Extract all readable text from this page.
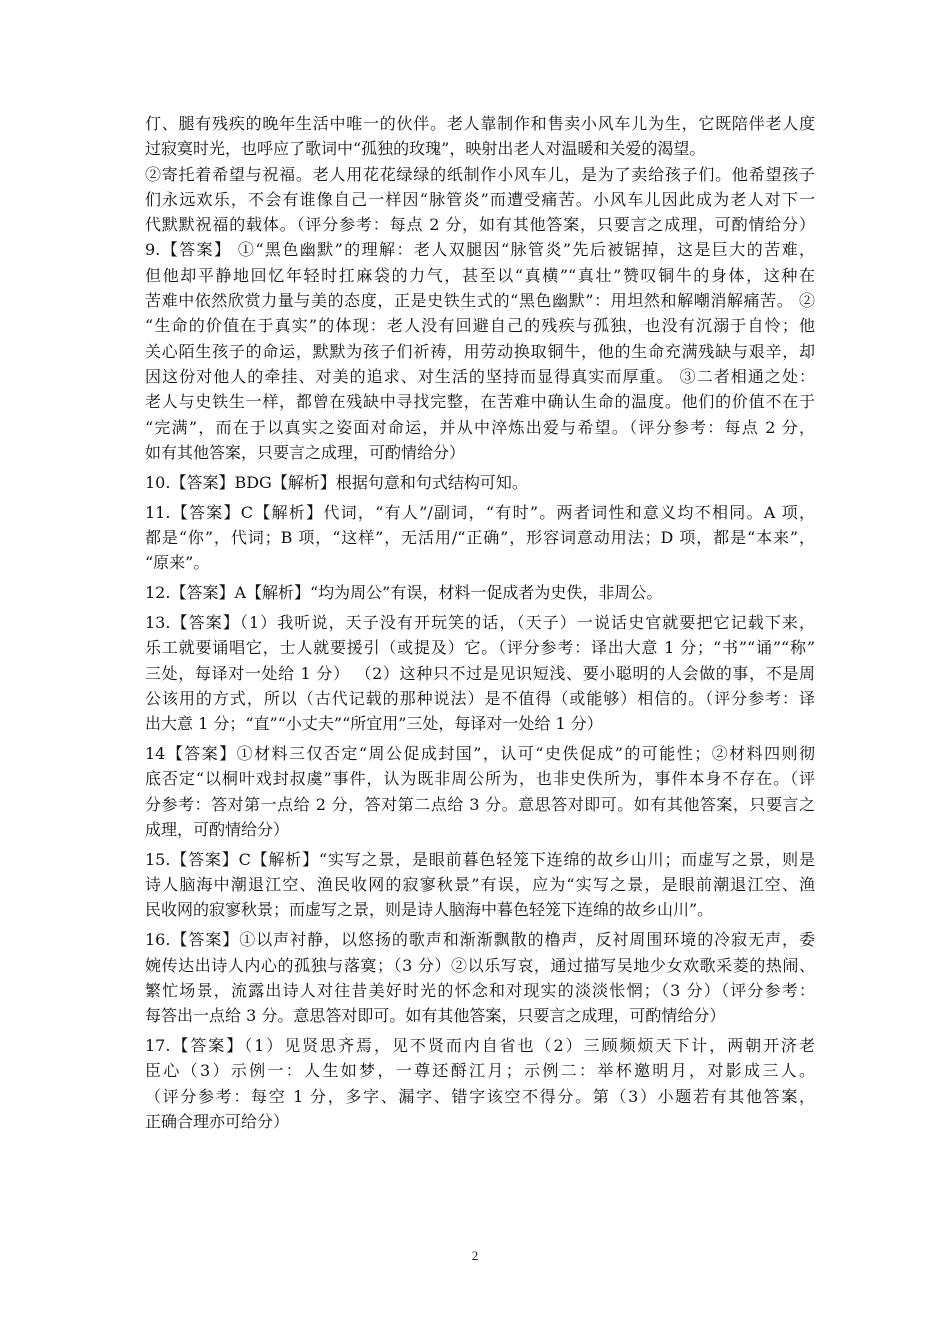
仃、腿有残疾的晚年生活中唯一的伙伴。老人靠制作和售卖小风车儿为生，它既陪伴老人度
过寂寞时光，也呼应了歌词中“孤独的玫瑰”，映射出老人对温暖和关爱的渴望。
②寄托着希望与祝福。老人用花花绿绿的纸制作小风车儿，是为了卖给孩子们。他希望孩子
们永远欢乐，不会有谁像自己一样因“脉管炎”而遭受痛苦。小风车儿因此成为老人对下一
代默默祝福的载体。（评分参考：每点 2 分，如有其他答案，只要言之成理，可酌情给分）
9.【答案】 ①“黑色幽默”的理解：老人双腿因“脉管炎”先后被锯掉，这是巨大的苦难，
但他却平静地回忆年轻时扛麻袋的力气，甚至以“真横”“真壮”赞叹铜牛的身体，这种在
苦难中依然欣赏力量与美的态度，正是史铁生式的“黑色幽默”：用坦然和解嘲消解痛苦。 ②
“生命的价值在于真实”的体现：老人没有回避自己的残疾与孤独，也没有沉溺于自怜；他
关心陌生孩子的命运，默默为孩子们祈祷，用劳动换取铜牛，他的生命充满残缺与艰辛，却
因这份对他人的牵挂、对美的追求、对生活的坚持而显得真实而厚重。 ③二者相通之处：
老人与史铁生一样，都曾在残缺中寻找完整，在苦难中确认生命的温度。他们的价值不在于
“完满”，而在于以真实之姿面对命运，并从中淬炼出爱与希望。（评分参考：每点 2 分，
如有其他答案，只要言之成理，可酌情给分）
10.【答案】BDG【解析】根据句意和句式结构可知。
11.【答案】C【解析】代词，“有人”/副词，“有时”。两者词性和意义均不相同。A 项，
都是“你”，代词；B 项，“这样”，无活用/“正确”，形容词意动用法；D 项，都是“本来”，
“原来”。
12.【答案】A【解析】“均为周公”有误，材料一促成者为史佚，非周公。
13.【答案】（1）我听说，天子没有开玩笑的话，（天子）一说话史官就要把它记载下来，
乐工就要诵唱它，士人就要援引（或提及）它。（评分参考：译出大意 1 分；“书”“诵”“称”
三处，每译对一处给 1 分） （2）这种只不过是见识短浅、要小聪明的人会做的事，不是周
公该用的方式，所以（古代记载的那种说法）是不值得（或能够）相信的。（评分参考：译
出大意 1 分；“直”“小丈夫”“所宜用”三处，每译对一处给 1 分）
14【答案】①材料三仅否定“周公促成封国”，认可“史佚促成”的可能性；②材料四则彻
底否定“以桐叶戏封叔虞”事件，认为既非周公所为，也非史佚所为，事件本身不存在。（评
分参考：答对第一点给 2 分，答对第二点给 3 分。意思答对即可。如有其他答案，只要言之
成理，可酌情给分）
15.【答案】C【解析】“实写之景，是眼前暮色轻笼下连绵的故乡山川；而虚写之景，则是
诗人脑海中潮退江空、渔民收网的寂寥秋景”有误，应为“实写之景，是眼前潮退江空、渔
民收网的寂寥秋景；而虚写之景，则是诗人脑海中暮色轻笼下连绵的故乡山川”。
16.【答案】①以声衬静，以悠扬的歌声和渐渐飘散的橹声，反衬周围环境的冷寂无声，委
婉传达出诗人内心的孤独与落寞；（3 分）②以乐写哀，通过描写吴地少女欢歌采菱的热闹、
繁忙场景，流露出诗人对往昔美好时光的怀念和对现实的淡淡怅惘；（3 分）（评分参考：
每答出一点给 3 分。意思答对即可。如有其他答案，只要言之成理，可酌情给分）
17.【答案】（1）见贤思齐焉，见不贤而内自省也（2）三顾频烦天下计，两朝开济老
臣心（3）示例一：人生如梦，一尊还酹江月；示例二：举杯邀明月，对影成三人。
（评分参考：每空 1 分，多字、漏字、错字该空不得分。第（3）小题若有其他答案，
正确合理亦可给分）
2
